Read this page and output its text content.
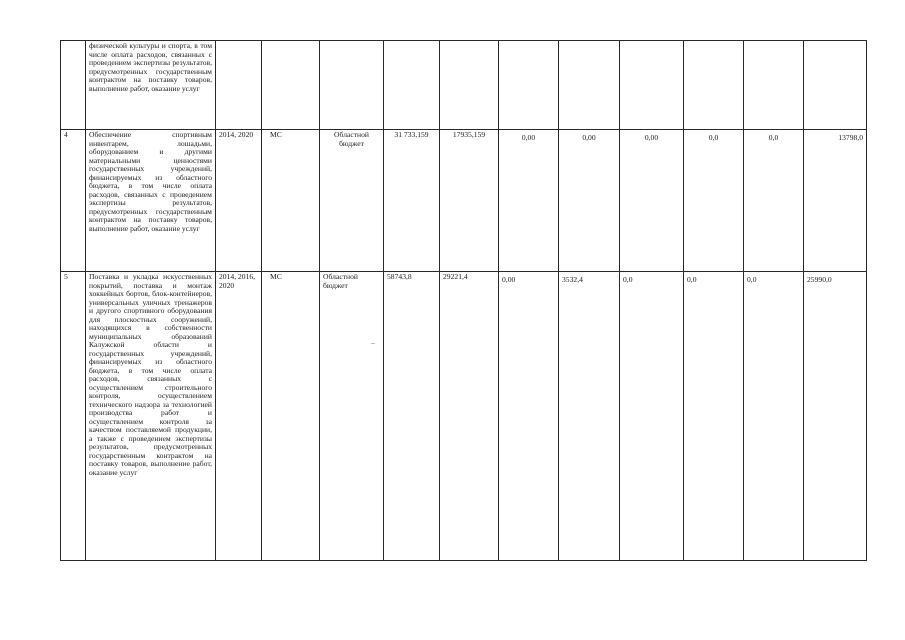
	физической культуры и спорта, в том числе оплата расходов, связанных с проведением экспертизы результатов, предусмотренных государственным контрактом на поставку товаров, выполнение работ, оказание услуг											
4	Обеспечение спортивным инвентарем, лошадьми, оборудованием и другими материальными ценностями государственных учреждений, финансируемых из областного бюджета, в том числе оплата расходов, связанных с проведением экспертизы результатов, предусмотренных государственным контрактом на поставку товаров, выполнение работ, оказание услуг	2014, 2020	МС	Областной бюджет	31 733,159	17935,159	0,00	0,00	0,00	0,0	0,0	13798,0
5	Поставка и укладка искусственных покрытий, поставка и монтаж хоккейных бортов, блок-контейнеров, универсальных уличных тренажеров и другого спортивного оборудования для плоскостных сооружений, находящихся в собственности муниципальных образований Калужской области и государственных учреждений, финансируемых из областного бюджета, в том числе оплата расходов, связанных с осуществлением строительного контроля, осуществлением технического надзора за технологией производства работ и осуществлением контроля за качеством поставляемой продукции, а также с проведением экспертизы результатов, предусмотренных государственным контрактом на поставку товаров, выполнение работ, оказание услуг	2014, 2016, 2020	МС	Областной бюджет	58743,8	29221,4	0,00	3532,4	0,0	0,0	0,0	25990,0
